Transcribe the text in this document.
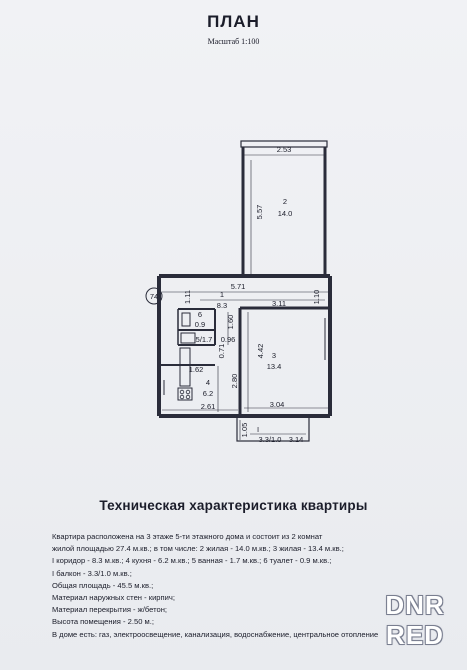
ПЛАН
Масштаб 1:100
74
2.53
5.57
5.71
1.11	3.11	1.10
1.60
0.96
0.71
1.62
4.42
2.80
2.61	3.04
1.05
3.14
2
14.0
1
8.3
3
13.4
4
6.2
5/1.7
6
0.9
I
3.3/1.0
Техническая характеристика квартиры
Квартира расположена на 3 этаже 5-ти этажного дома и состоит из 2 комнат
жилой площадью 27.4 м.кв.; в том числе: 2 жилая - 14.0 м.кв.; 3 жилая - 13.4 м.кв.;
I коридор - 8.3 м.кв.; 4 кухня - 6.2 м.кв.; 5 ванная - 1.7 м.кв.; 6 туалет - 0.9 м.кв.;
I балкон - 3.3/1.0 м.кв.;
Общая площадь - 45.5 м.кв.;
Материал наружных стен - кирпич;
Материал перекрытия - ж/бетон;
Высота помещения - 2.50 м.;
В доме есть: газ, электроосвещение, канализация, водоснабжение, центральное отопление
DNR
RED
